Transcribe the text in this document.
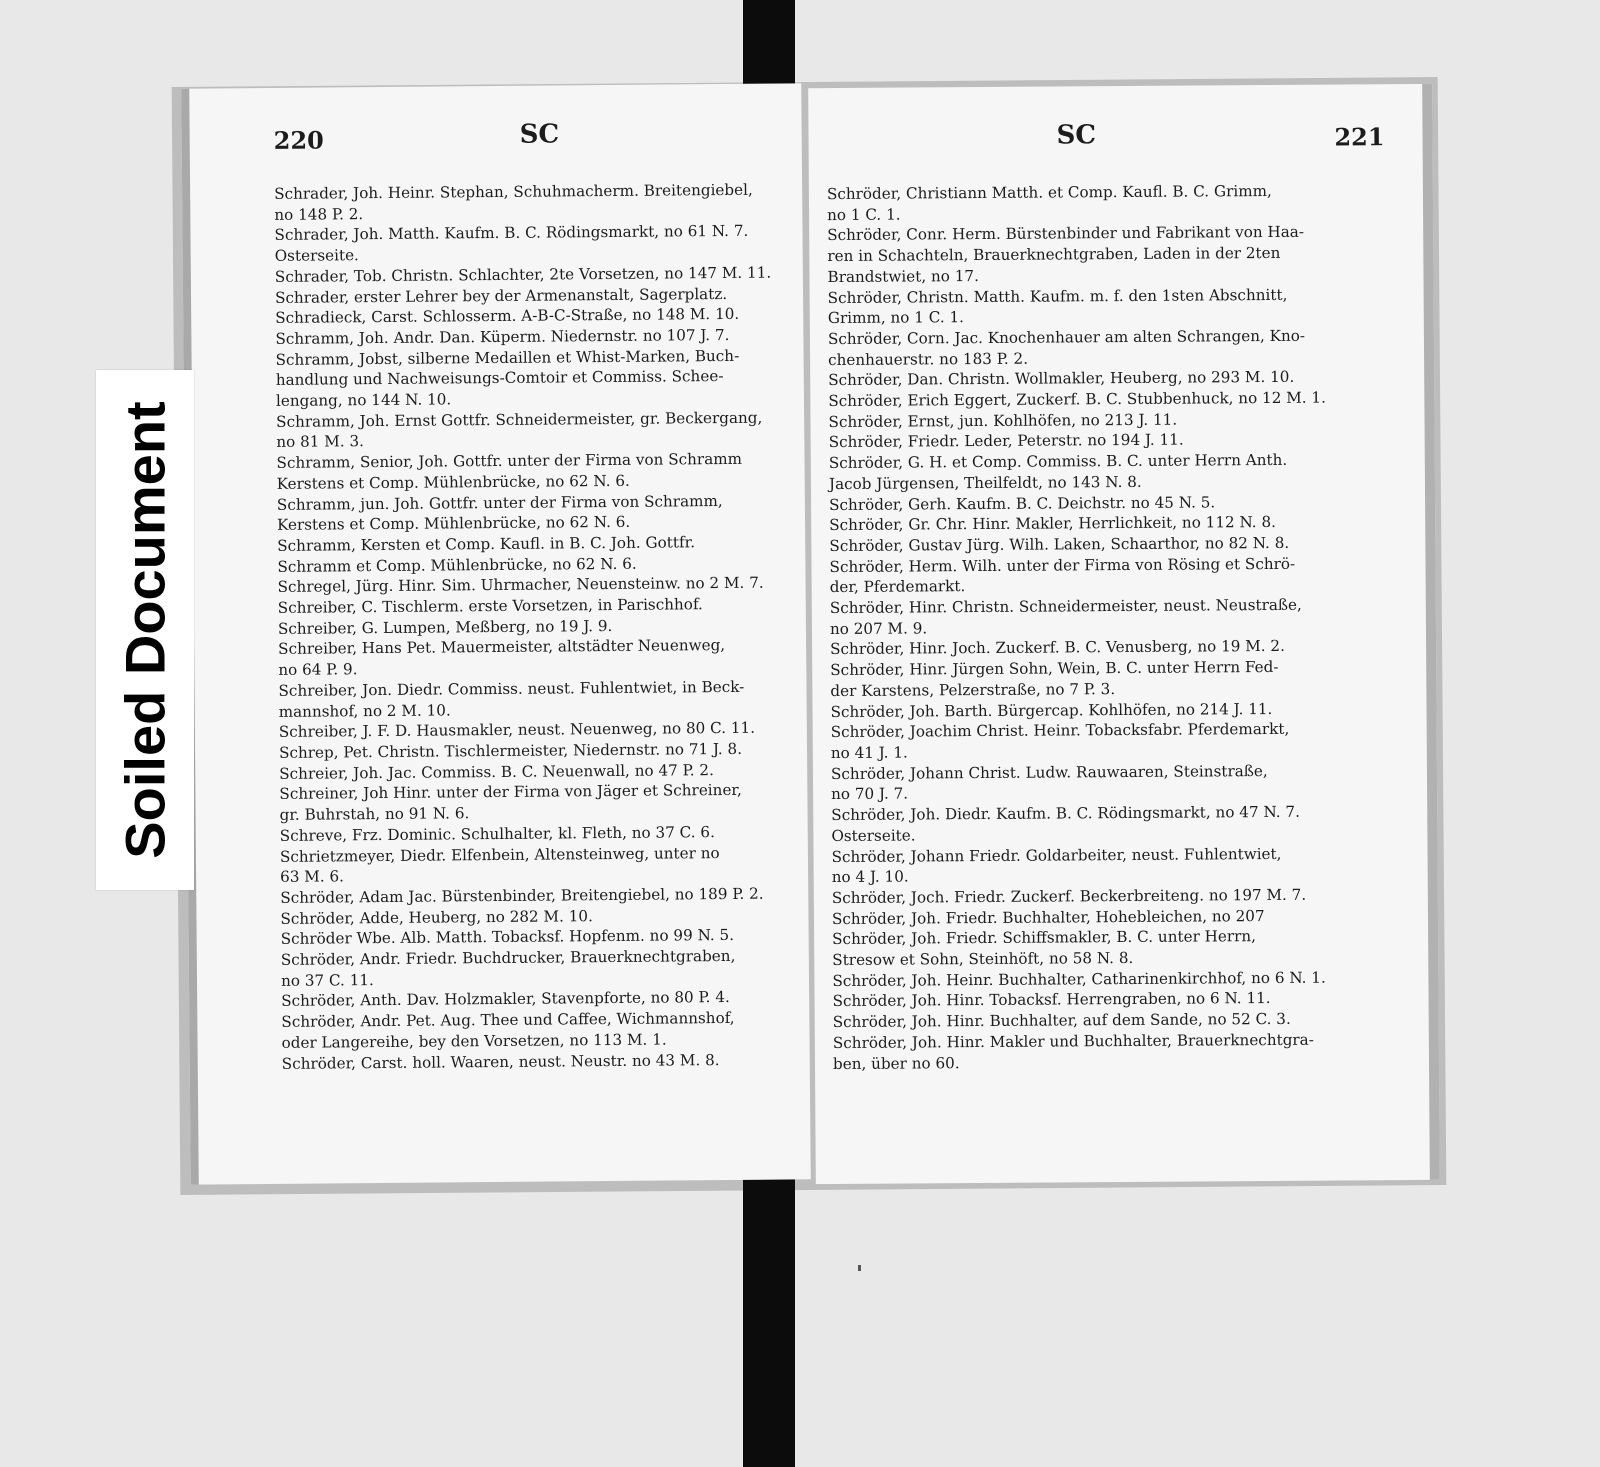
220	SC
Schrader, Joh. Heinr. Stephan, Schuhmacherm. Breitengiebel,
no 148 P. 2.
Schrader, Joh. Matth. Kaufm. B. C. Rödingsmarkt, no 61 N. 7.
Osterseite.
Schrader, Tob. Christn. Schlachter, 2te Vorsetzen, no 147 M. 11.
Schrader, erster Lehrer bey der Armenanstalt, Sagerplatz.
Schradieck, Carst. Schlosserm. A-B-C-Straße, no 148 M. 10.
Schramm, Joh. Andr. Dan. Küperm. Niedernstr. no 107 J. 7.
Schramm, Jobst, silberne Medaillen et Whist-Marken, Buch-
handlung und Nachweisungs-Comtoir et Commiss. Schee-
lengang, no 144 N. 10.
Schramm, Joh. Ernst Gottfr. Schneidermeister, gr. Beckergang,
no 81 M. 3.
Schramm, Senior, Joh. Gottfr. unter der Firma von Schramm
Kerstens et Comp. Mühlenbrücke, no 62 N. 6.
Schramm, jun. Joh. Gottfr. unter der Firma von Schramm,
Kerstens et Comp. Mühlenbrücke, no 62 N. 6.
Schramm, Kersten et Comp. Kaufl. in B. C. Joh. Gottfr.
Schramm et Comp. Mühlenbrücke, no 62 N. 6.
Schregel, Jürg. Hinr. Sim. Uhrmacher, Neuensteinw. no 2 M. 7.
Schreiber, C. Tischlerm. erste Vorsetzen, in Parischhof.
Schreiber, G. Lumpen, Meßberg, no 19 J. 9.
Schreiber, Hans Pet. Mauermeister, altstädter Neuenweg,
no 64 P. 9.
Schreiber, Jon. Diedr. Commiss. neust. Fuhlentwiet, in Beck-
mannshof, no 2 M. 10.
Schreiber, J. F. D. Hausmakler, neust. Neuenweg, no 80 C. 11.
Schrep, Pet. Christn. Tischlermeister, Niedernstr. no 71 J. 8.
Schreier, Joh. Jac. Commiss. B. C. Neuenwall, no 47 P. 2.
Schreiner, Joh Hinr. unter der Firma von Jäger et Schreiner,
gr. Buhrstah, no 91 N. 6.
Schreve, Frz. Dominic. Schulhalter, kl. Fleth, no 37 C. 6.
Schrietzmeyer, Diedr. Elfenbein, Altensteinweg, unter no
63 M. 6.
Schröder, Adam Jac. Bürstenbinder, Breitengiebel, no 189 P. 2.
Schröder, Adde, Heuberg, no 282 M. 10.
Schröder Wbe. Alb. Matth. Tobacksf. Hopfenm. no 99 N. 5.
Schröder, Andr. Friedr. Buchdrucker, Brauerknechtgraben,
no 37 C. 11.
Schröder, Anth. Dav. Holzmakler, Stavenpforte, no 80 P. 4.
Schröder, Andr. Pet. Aug. Thee und Caffee, Wichmannshof,
oder Langereihe, bey den Vorsetzen, no 113 M. 1.
Schröder, Carst. holl. Waaren, neust. Neustr. no 43 M. 8.
SC	221
Schröder, Christiann Matth. et Comp. Kaufl. B. C. Grimm,
no 1 C. 1.
Schröder, Conr. Herm. Bürstenbinder und Fabrikant von Haa-
ren in Schachteln, Brauerknechtgraben, Laden in der 2ten
Brandstwiet, no 17.
Schröder, Christn. Matth. Kaufm. m. f. den 1sten Abschnitt,
Grimm, no 1 C. 1.
Schröder, Corn. Jac. Knochenhauer am alten Schrangen, Kno-
chenhauerstr. no 183 P. 2.
Schröder, Dan. Christn. Wollmakler, Heuberg, no 293 M. 10.
Schröder, Erich Eggert, Zuckerf. B. C. Stubbenhuck, no 12 M. 1.
Schröder, Ernst, jun. Kohlhöfen, no 213 J. 11.
Schröder, Friedr. Leder, Peterstr. no 194 J. 11.
Schröder, G. H. et Comp. Commiss. B. C. unter Herrn Anth.
Jacob Jürgensen, Theilfeldt, no 143 N. 8.
Schröder, Gerh. Kaufm. B. C. Deichstr. no 45 N. 5.
Schröder, Gr. Chr. Hinr. Makler, Herrlichkeit, no 112 N. 8.
Schröder, Gustav Jürg. Wilh. Laken, Schaarthor, no 82 N. 8.
Schröder, Herm. Wilh. unter der Firma von Rösing et Schrö-
der, Pferdemarkt.
Schröder, Hinr. Christn. Schneidermeister, neust. Neustraße,
no 207 M. 9.
Schröder, Hinr. Joch. Zuckerf. B. C. Venusberg, no 19 M. 2.
Schröder, Hinr. Jürgen Sohn, Wein, B. C. unter Herrn Fed-
der Karstens, Pelzerstraße, no 7 P. 3.
Schröder, Joh. Barth. Bürgercap. Kohlhöfen, no 214 J. 11.
Schröder, Joachim Christ. Heinr. Tobacksfabr. Pferdemarkt,
no 41 J. 1.
Schröder, Johann Christ. Ludw. Rauwaaren, Steinstraße,
no 70 J. 7.
Schröder, Joh. Diedr. Kaufm. B. C. Rödingsmarkt, no 47 N. 7.
Osterseite.
Schröder, Johann Friedr. Goldarbeiter, neust. Fuhlentwiet,
no 4 J. 10.
Schröder, Joch. Friedr. Zuckerf. Beckerbreiteng. no 197 M. 7.
Schröder, Joh. Friedr. Buchhalter, Hohebleichen, no 207
Schröder, Joh. Friedr. Schiffsmakler, B. C. unter Herrn,
Stresow et Sohn, Steinhöft, no 58 N. 8.
Schröder, Joh. Heinr. Buchhalter, Catharinenkirchhof, no 6 N. 1.
Schröder, Joh. Hinr. Tobacksf. Herrengraben, no 6 N. 11.
Schröder, Joh. Hinr. Buchhalter, auf dem Sande, no 52 C. 3.
Schröder, Joh. Hinr. Makler und Buchhalter, Brauerknechtgra-
ben, über no 60.
Soiled Document
